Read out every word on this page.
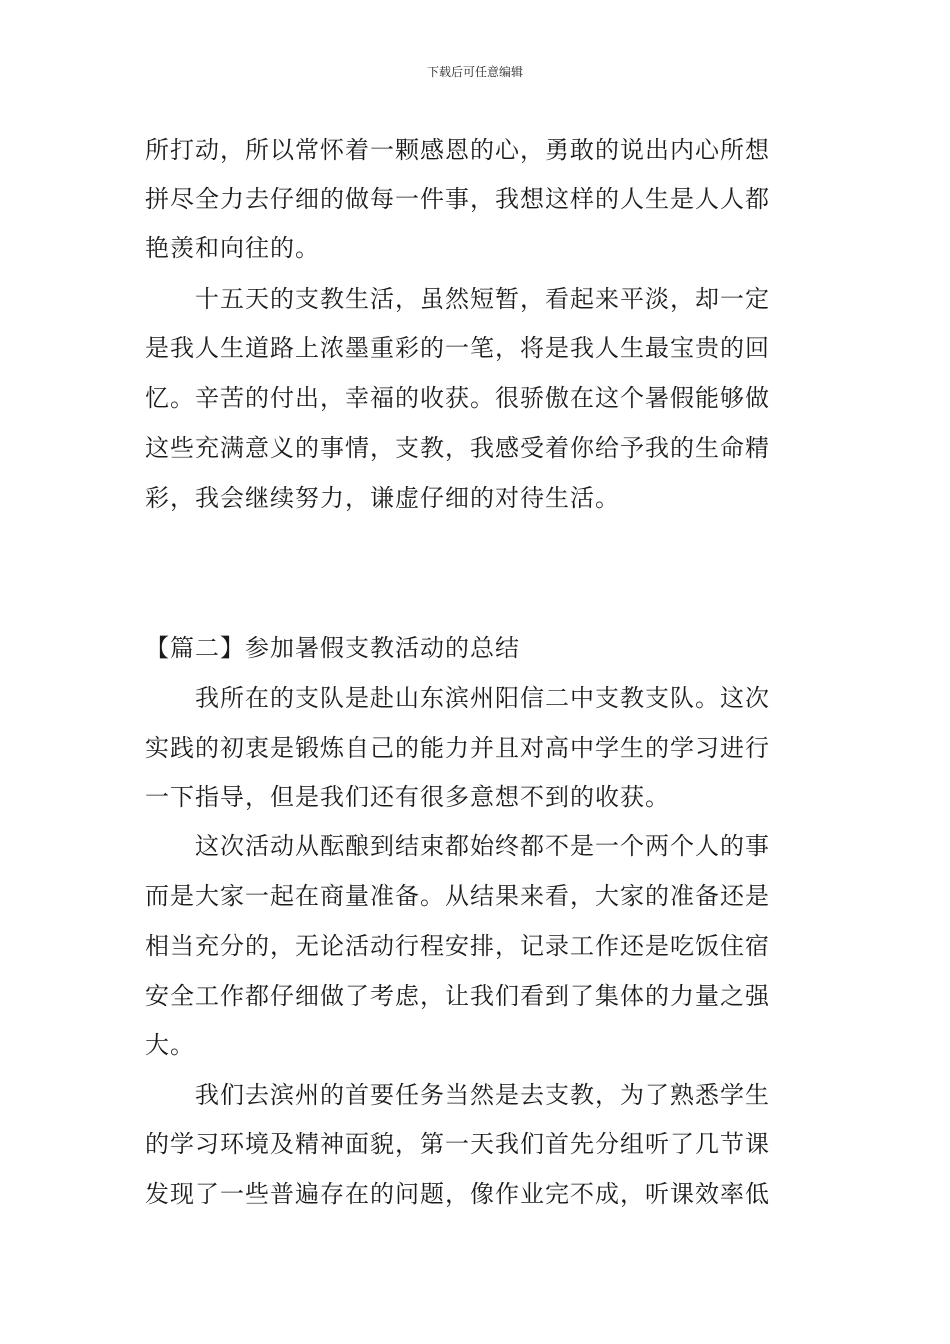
下载后可任意编辑
所打动，所以常怀着一颗感恩的心，勇敢的说出内心所想
拼尽全力去仔细的做每一件事，我想这样的人生是人人都
艳羡和向往的。
　　十五天的支教生活，虽然短暂，看起来平淡，却一定
是我人生道路上浓墨重彩的一笔，将是我人生最宝贵的回
忆。辛苦的付出，幸福的收获。很骄傲在这个暑假能够做
这些充满意义的事情，支教，我感受着你给予我的生命精
彩，我会继续努力，谦虚仔细的对待生活。
【篇二】参加暑假支教活动的总结
　　我所在的支队是赴山东滨州阳信二中支教支队。这次
实践的初衷是锻炼自己的能力并且对高中学生的学习进行
一下指导，但是我们还有很多意想不到的收获。
　　这次活动从酝酿到结束都始终都不是一个两个人的事
而是大家一起在商量准备。从结果来看，大家的准备还是
相当充分的，无论活动行程安排，记录工作还是吃饭住宿
安全工作都仔细做了考虑，让我们看到了集体的力量之强
大。
　　我们去滨州的首要任务当然是去支教，为了熟悉学生
的学习环境及精神面貌，第一天我们首先分组听了几节课
发现了一些普遍存在的问题，像作业完不成，听课效率低
